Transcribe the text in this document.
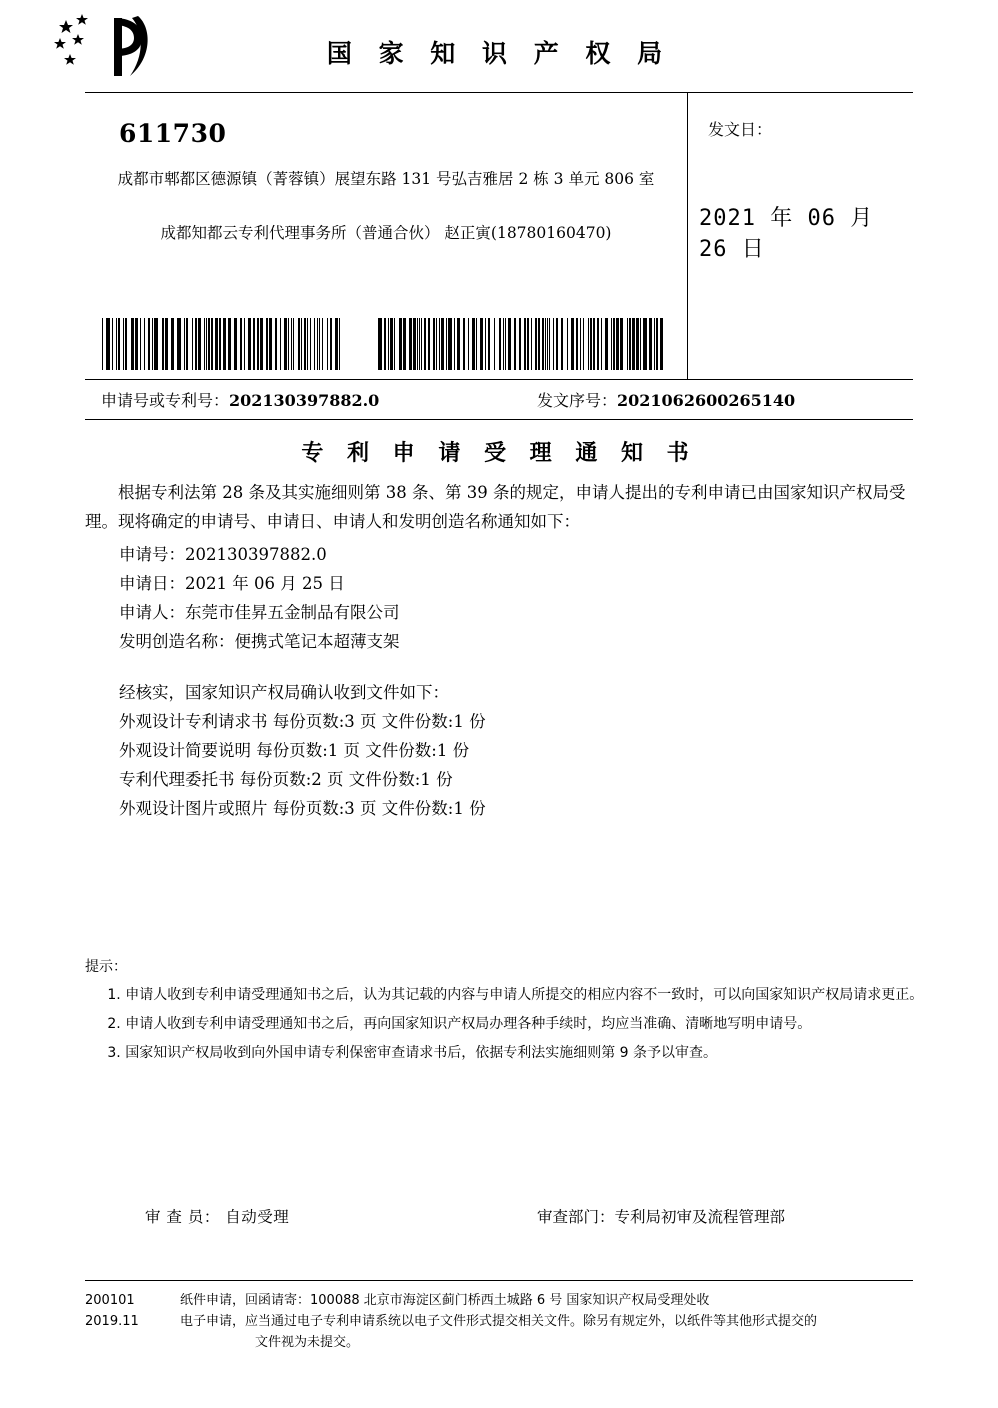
国 家 知 识 产 权 局
611730
成都市郫都区德源镇（菁蓉镇）展望东路 131 号弘吉雅居 2 栋 3 单元 806 室
成都知都云专利代理事务所（普通合伙） 赵正寅(18780160470)
发文日：
2021 年 06 月 26 日
申请号或专利号：202130397882.0	发文序号：2021062600265140
专 利 申 请 受 理 通 知 书

根据专利法第 28 条及其实施细则第 38 条、第 39 条的规定，申请人提出的专利申请已由国家知识产权局受理。现将确定的申请号、申请日、申请人和发明创造名称通知如下：

申请号：202130397882.0
申请日：2021 年 06 月 25 日
申请人：东莞市佳昇五金制品有限公司
发明创造名称：便携式笔记本超薄支架
经核实，国家知识产权局确认收到文件如下：
外观设计专利请求书 每份页数:3 页 文件份数:1 份
外观设计简要说明 每份页数:1 页 文件份数:1 份
专利代理委托书 每份页数:2 页 文件份数:1 份
外观设计图片或照片 每份页数:3 页 文件份数:1 份
提示：
1. 申请人收到专利申请受理通知书之后，认为其记载的内容与申请人所提交的相应内容不一致时，可以向国家知识产权局请求更正。
2. 申请人收到专利申请受理通知书之后，再向国家知识产权局办理各种手续时，均应当准确、清晰地写明申请号。
3. 国家知识产权局收到向外国申请专利保密审查请求书后，依据专利法实施细则第 9 条予以审查。
审 查 员： 自动受理	审查部门：专利局初审及流程管理部
200101
2019.11
纸件申请，回函请寄：100088 北京市海淀区蓟门桥西土城路 6 号 国家知识产权局受理处收
电子申请，应当通过电子专利申请系统以电子文件形式提交相关文件。除另有规定外，以纸件等其他形式提交的
文件视为未提交。
